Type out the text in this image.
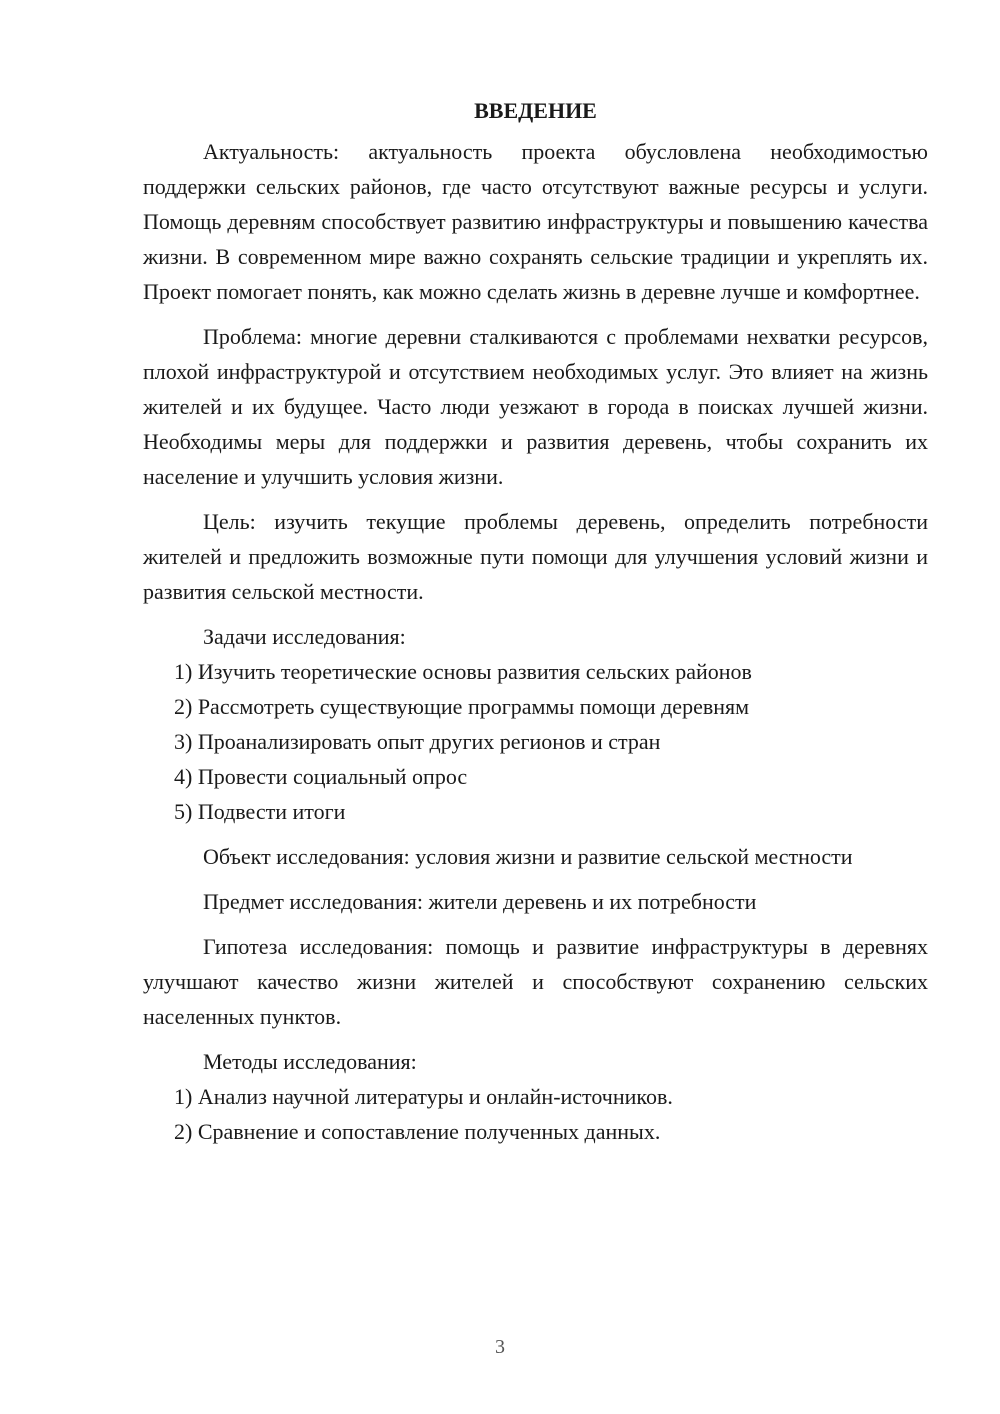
ВВЕДЕНИЕ

Актуальность: актуальность проекта обусловлена необходимостью поддержки сельских районов, где часто отсутствуют важные ресурсы и услуги. Помощь деревням способствует развитию инфраструктуры и повышению качества жизни. В современном мире важно сохранять сельские традиции и укреплять их. Проект помогает понять, как можно сделать жизнь в деревне лучше и комфортнее.

Проблема: многие деревни сталкиваются с проблемами нехватки ресурсов, плохой инфраструктурой и отсутствием необходимых услуг. Это влияет на жизнь жителей и их будущее. Часто люди уезжают в города в поисках лучшей жизни. Необходимы меры для поддержки и развития деревень, чтобы сохранить их население и улучшить условия жизни.

Цель: изучить текущие проблемы деревень, определить потребности жителей и предложить возможные пути помощи для улучшения условий жизни и развития сельской местности.

Задачи исследования:

1) Изучить теоретические основы развития сельских районов

2) Рассмотреть существующие программы помощи деревням

3) Проанализировать опыт других регионов и стран

4) Провести социальный опрос

5) Подвести итоги

Объект исследования: условия жизни и развитие сельской местности

Предмет исследования: жители деревень и их потребности

Гипотеза исследования: помощь и развитие инфраструктуры в деревнях улучшают качество жизни жителей и способствуют сохранению сельских населенных пунктов.

Методы исследования:

1) Анализ научной литературы и онлайн-источников.

2) Сравнение и сопоставление полученных данных.

3
